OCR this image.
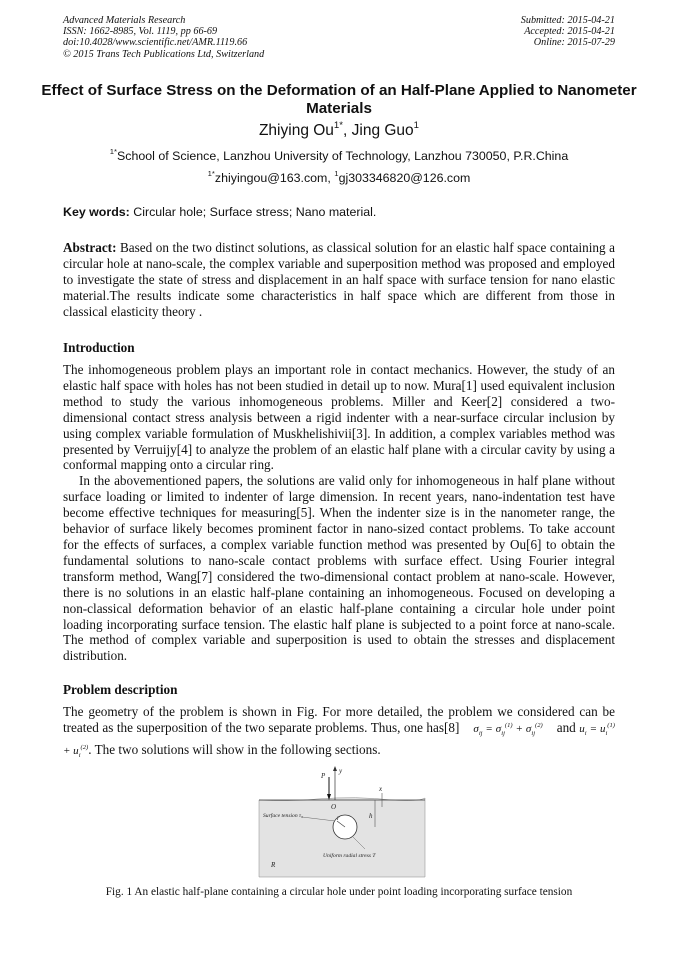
Advanced Materials Research
ISSN: 1662-8985, Vol. 1119, pp 66-69
doi:10.4028/www.scientific.net/AMR.1119.66
© 2015 Trans Tech Publications Ltd, Switzerland
Submitted: 2015-04-21
Accepted: 2015-04-21
Online: 2015-07-29
Effect of Surface Stress on the Deformation of an Half-Plane Applied to Nanometer Materials
Zhiying $Ou^{1*}$, Jing Guo$^1$
$^{1*}$School of Science, Lanzhou University of Technology, Lanzhou 730050, P.R.China
$^{1*}$zhiyingou@163.com, $^1$gj303346820@126.com
Key words: Circular hole; Surface stress; Nano material.

Abstract: Based on the two distinct solutions, as classical solution for an elastic half space containing a circular hole at nano-scale, the complex variable and superposition method was proposed and employed to investigate the state of stress and displacement in an half space with surface tension for nano elastic material.The results indicate some characteristics in half space which are different from those in classical elasticity theory .

Introduction

The inhomogeneous problem plays an important role in contact mechanics. However, the study of an elastic half space with holes has not been studied in detail up to now. Mura[1] used equivalent inclusion method to study the various inhomogeneous problems. Miller and Keer[2] considered a two-dimensional contact stress analysis between a rigid indenter with a near-surface circular inclusion by using complex variable formulation of Muskhelishivii[3]. In addition, a complex variables method was presented by Verruijy[4] to analyze the problem of an elastic half plane with a circular cavity by using a conformal mapping onto a circular ring.

In the abovementioned papers, the solutions are valid only for inhomogeneous in half plane without surface loading or limited to indenter of large dimension. In recent years, nano-indentation test have become effective techniques for measuring[5]. When the indenter size is in the nanometer range, the behavior of surface likely becomes prominent factor in nano-sized contact problems. To take account for the effects of surfaces, a complex variable function method was presented by Ou[6] to obtain the fundamental solutions to nano-scale contact problems with surface effect. Using Fourier integral transform method, Wang[7] considered the two-dimensional contact problem at nano-scale. However, there is no solutions in an elastic half-plane containing an inhomogeneous. Focused on developing a non-classical deformation behavior of an elastic half-plane containing a circular hole under point loading incorporating surface tension. The elastic half plane is subjected to a point force at nano-scale. The method of complex variable and superposition is used to obtain the stresses and displacement distribution.

Problem description

The geometry of the problem is shown in Fig. For more detailed, the problem we considered can be treated as the superposition of the two separate problems. Thus, one has[8] $\sigma_{ij} = \sigma_{ij}^{(1)} + \sigma_{ij}^{(2)}$ and $u_i = u_i^{(1)} + u_i^{(2)}$. The two solutions will show in the following sections.

P
y
O
x
h
r
R
Surface tension τ₀
Uniform radial stress T
Fig. 1 An elastic half-plane containing a circular hole under point loading incorporating surface tension
